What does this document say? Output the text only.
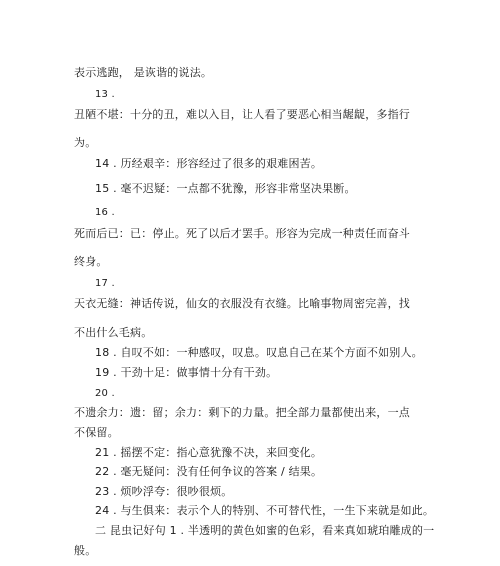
表示逃跑， 是诙谐的说法。
13 .
丑陋不堪：十分的丑，难以入目，让人看了要恶心相当龌龊，多指行
为。
14 . 历经艰辛：形容经过了很多的艰难困苦。
15 . 毫不迟疑：一点都不犹豫，形容非常坚决果断。
16 .
死而后已：已：停止。死了以后才罢手。形容为完成一种责任而奋斗
终身。
17 .
天衣无缝：神话传说，仙女的衣服没有衣缝。比喻事物周密完善，找
不出什么毛病。
18 . 自叹不如：一种感叹，叹息。叹息自己在某个方面不如别人。
19 . 干劲十足：做事情十分有干劲。
20 .
不遗余力：遗：留；余力：剩下的力量。把全部力量都使出来，一点
不保留。
21 . 摇摆不定：指心意犹豫不决，来回变化。
22 . 毫无疑问：没有任何争议的答案 / 结果。
23 . 烦吵浮夸：很吵很烦。
24 . 与生俱来：表示个人的特别、不可替代性，一生下来就是如此。
二 昆虫记好句 1 . 半透明的黄色如蜜的色彩，看来真如琥珀雕成的一
般。
